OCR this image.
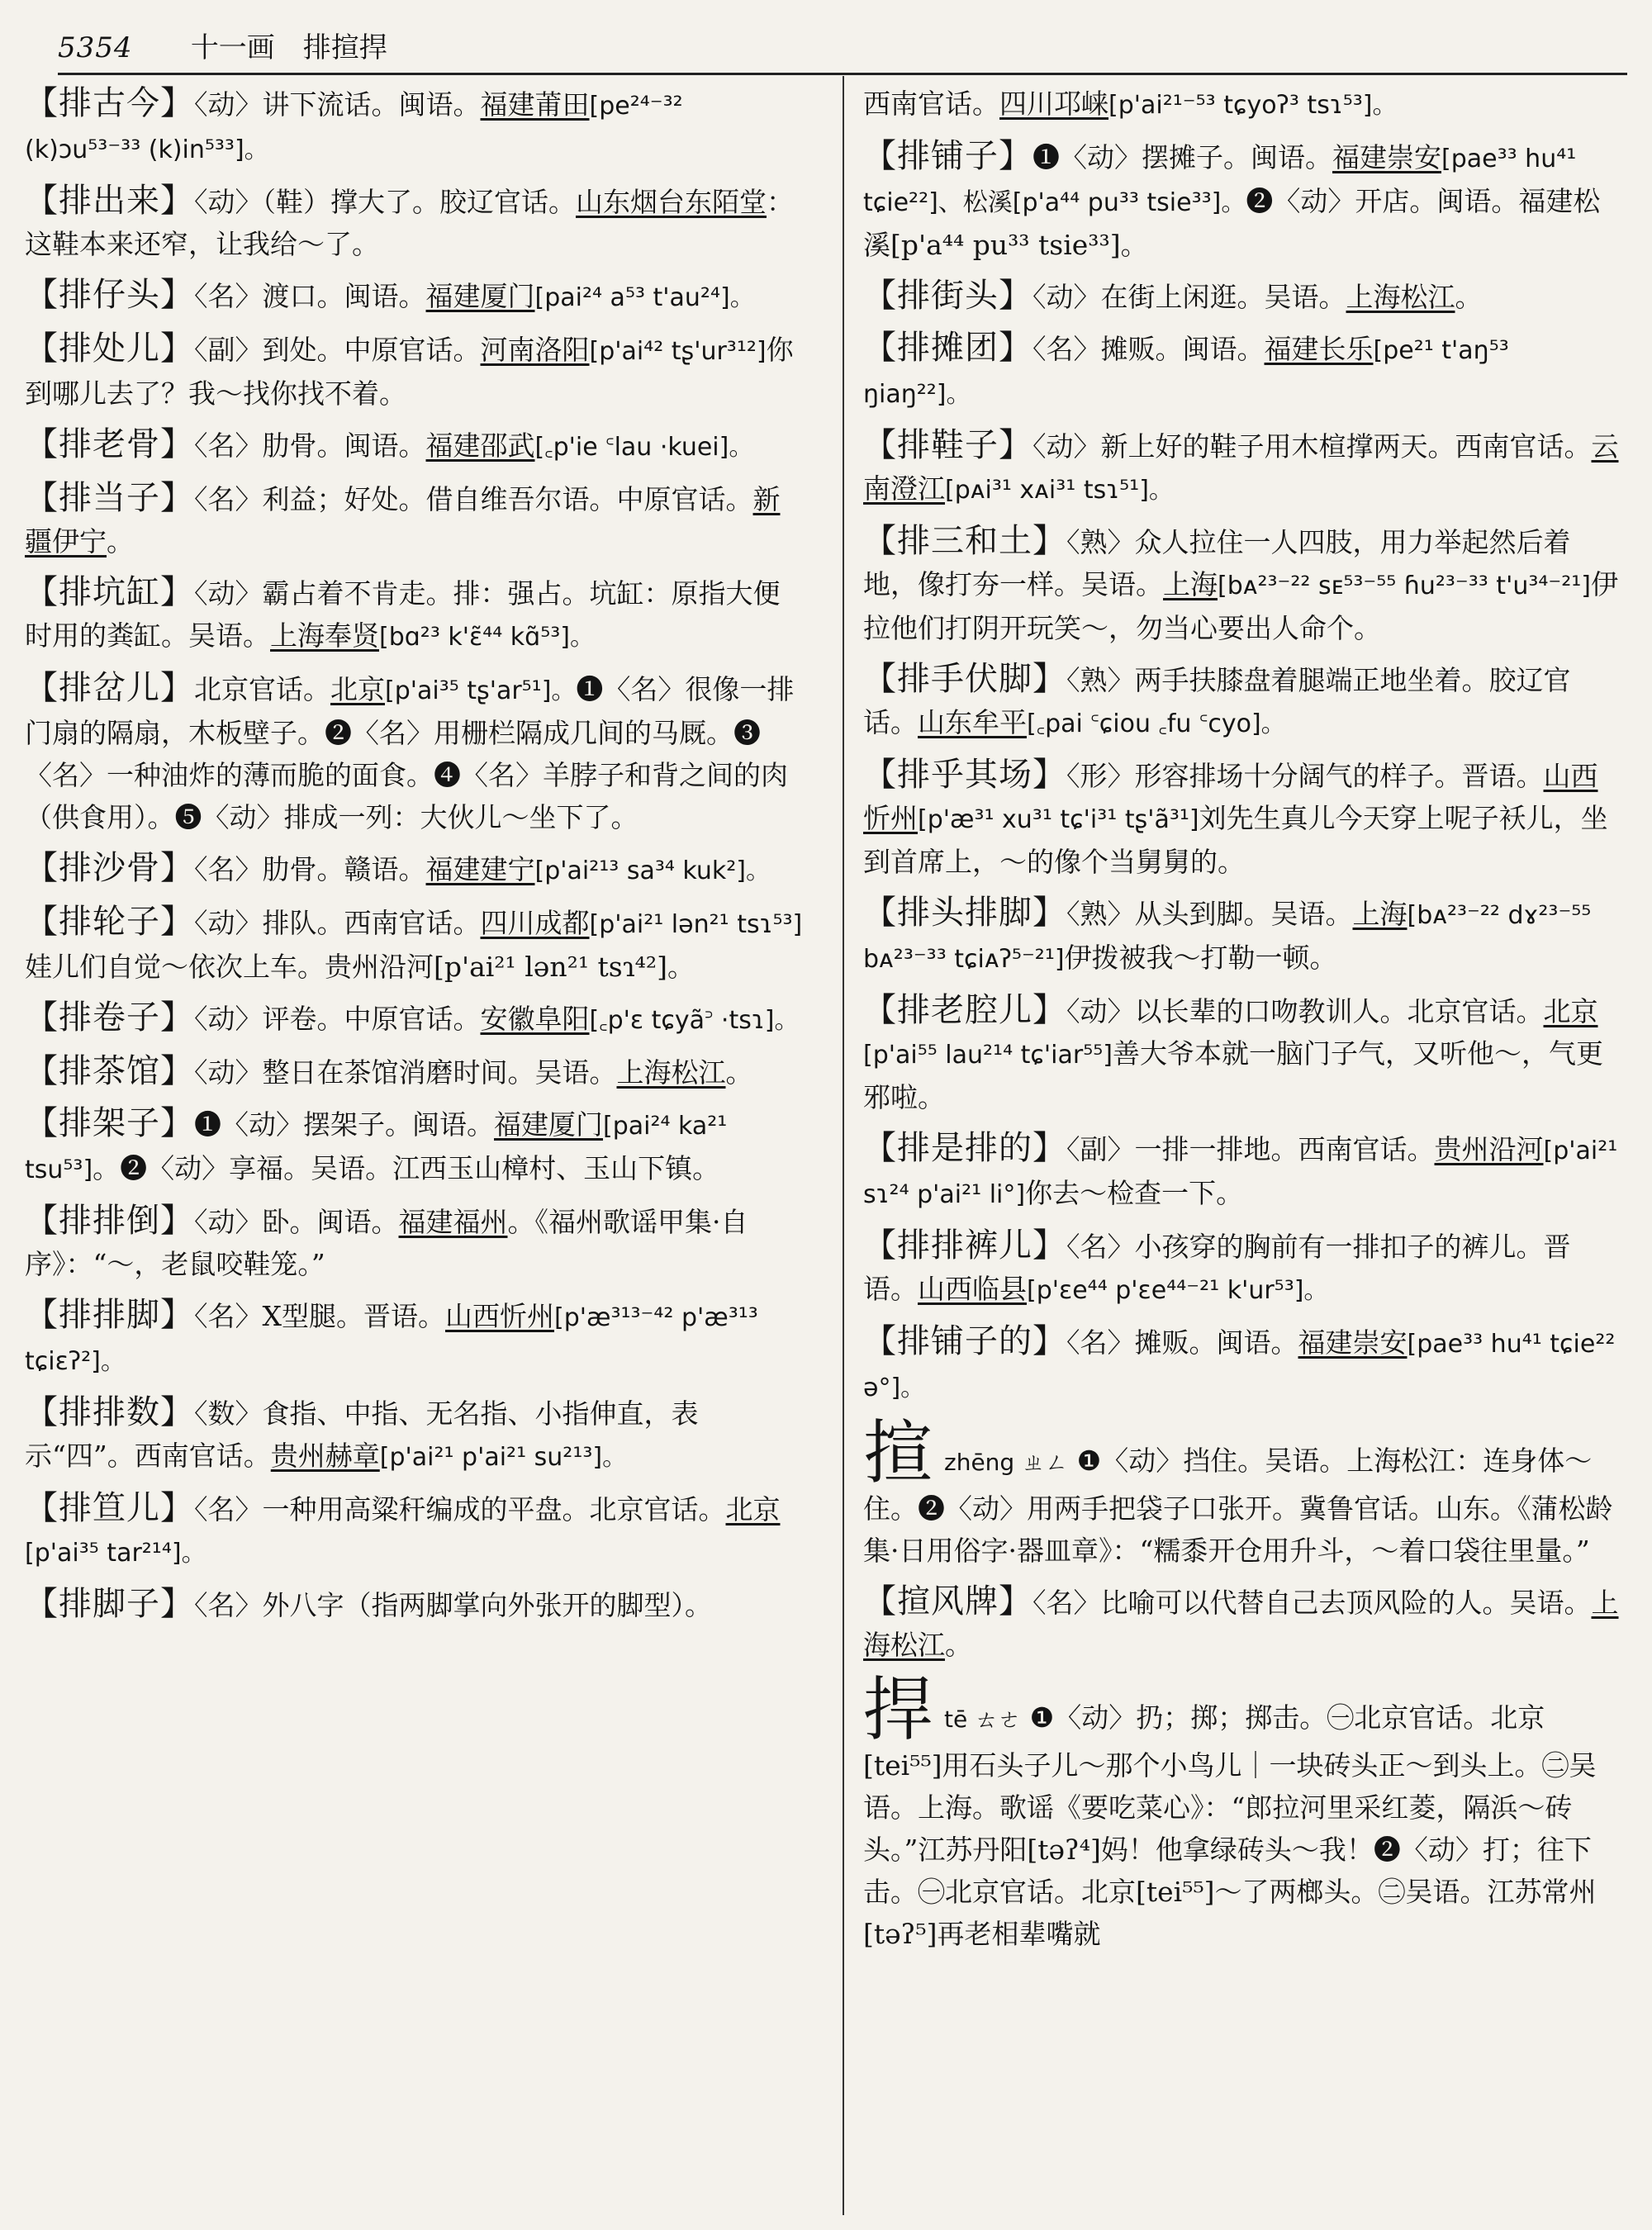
5354 十一画　排揎捍
【排古今】〈动〉讲下流话。闽语。福建莆田[pe²⁴⁻³² (k)ɔu⁵³⁻³³ (k)in⁵³³]。
【排出来】〈动〉（鞋）撑大了。胶辽官话。山东烟台东陌堂：这鞋本来还窄，让我给～了。
【排仔头】〈名〉渡口。闽语。福建厦门[pai²⁴ a⁵³ t'au²⁴]。
【排处儿】〈副〉到处。中原官话。河南洛阳[p'ai⁴² tʂ'ur³¹²]你到哪儿去了？我～找你找不着。
【排老骨】〈名〉肋骨。闽语。福建邵武[꜀p'ie ꜂lau ·kuei]。
【排当子】〈名〉利益；好处。借自维吾尔语。中原官话。新疆伊宁。
【排坑缸】〈动〉霸占着不肯走。排：强占。坑缸：原指大便时用的粪缸。吴语。上海奉贤[bɑ²³ k'ɛ̃⁴⁴ kɑ̃⁵³]。
【排岔儿】北京官话。北京[p'ai³⁵ tʂ'ar⁵¹]。❶〈名〉很像一排门扇的隔扇，木板壁子。❷〈名〉用栅栏隔成几间的马厩。❸〈名〉一种油炸的薄而脆的面食。❹〈名〉羊脖子和背之间的肉（供食用）。❺〈动〉排成一列：大伙儿～坐下了。
【排沙骨】〈名〉肋骨。赣语。福建建宁[p'ai²¹³ sa³⁴ kuk²]。
【排轮子】〈动〉排队。西南官话。四川成都[p'ai²¹ lən²¹ tsɿ⁵³]娃儿们自觉～依次上车。贵州沿河[p'ai²¹ lən²¹ tsɿ⁴²]。
【排卷子】〈动〉评卷。中原官话。安徽阜阳[꜀p'ɛ tɕyã꜄ ·tsɿ]。
【排茶馆】〈动〉整日在茶馆消磨时间。吴语。上海松江。
【排架子】❶〈动〉摆架子。闽语。福建厦门[pai²⁴ ka²¹ tsu⁵³]。❷〈动〉享福。吴语。江西玉山樟村、玉山下镇。
【排排倒】〈动〉卧。闽语。福建福州。《福州歌谣甲集·自序》：“～，老鼠咬鞋笼。”
【排排脚】〈名〉X型腿。晋语。山西忻州[p'æ³¹³⁻⁴² p'æ³¹³ tɕiɛʔ²]。
【排排数】〈数〉食指、中指、无名指、小指伸直，表示“四”。西南官话。贵州赫章[p'ai²¹ p'ai²¹ su²¹³]。
【排笪儿】〈名〉一种用高粱秆编成的平盘。北京官话。北京[p'ai³⁵ tar²¹⁴]。
【排脚子】〈名〉外八字（指两脚掌向外张开的脚型）。
西南官话。四川邛崃[p'ai²¹⁻⁵³ tɕyoʔ³ tsɿ⁵³]。
【排铺子】❶〈动〉摆摊子。闽语。福建崇安[pae³³ hu⁴¹ tɕie²²]、松溪[p'a⁴⁴ pu³³ tsie³³]。❷〈动〉开店。闽语。福建松溪[p'a⁴⁴ pu³³ tsie³³]。
【排街头】〈动〉在街上闲逛。吴语。上海松江。
【排摊团】〈名〉摊贩。闽语。福建长乐[pe²¹ t'aŋ⁵³ ŋiaŋ²²]。
【排鞋子】〈动〉新上好的鞋子用木楦撑两天。西南官话。云南澄江[pᴀi³¹ xᴀi³¹ tsɿ⁵¹]。
【排三和土】〈熟〉众人拉住一人四肢，用力举起然后着地，像打夯一样。吴语。上海[bᴀ²³⁻²² sᴇ⁵³⁻⁵⁵ ɦu²³⁻³³ t'u³⁴⁻²¹]伊拉他们打阴开玩笑～，勿当心要出人命个。
【排手伏脚】〈熟〉两手扶膝盘着腿端正地坐着。胶辽官话。山东牟平[꜀pai ꜂ɕiou ꜀fu ꜂cyo]。
【排乎其场】〈形〉形容排场十分阔气的样子。晋语。山西忻州[p'æ³¹ xu³¹ tɕ'i³¹ tʂ'ã³¹]刘先生真儿今天穿上呢子袄儿，坐到首席上，～的像个当舅舅的。
【排头排脚】〈熟〉从头到脚。吴语。上海[bᴀ²³⁻²² dɤ²³⁻⁵⁵ bᴀ²³⁻³³ tɕiᴀʔ⁵⁻²¹]伊拨被我～打勒一顿。
【排老腔儿】〈动〉以长辈的口吻教训人。北京官话。北京[p'ai⁵⁵ lau²¹⁴ tɕ'iar⁵⁵]善大爷本就一脑门子气，又听他～，气更邪啦。
【排是排的】〈副〉一排一排地。西南官话。贵州沿河[p'ai²¹ sɿ²⁴ p'ai²¹ li°]你去～检查一下。
【排排裤儿】〈名〉小孩穿的胸前有一排扣子的裤儿。晋语。山西临县[p'ɛe⁴⁴ p'ɛe⁴⁴⁻²¹ k'ur⁵³]。
【排铺子的】〈名〉摊贩。闽语。福建崇安[pae³³ hu⁴¹ tɕie²² ə°]。
揎zhēng ㄓㄥ ❶〈动〉挡住。吴语。上海松江：连身体～住。❷〈动〉用两手把袋子口张开。冀鲁官话。山东。《蒲松龄集·日用俗字·器皿章》：“糯黍开仓用升斗，～着口袋往里量。”
【揎风牌】〈名〉比喻可以代替自己去顶风险的人。吴语。上海松江。
捍tē ㄊㄜ ❶〈动〉扔；掷；掷击。㊀北京官话。北京[tei⁵⁵]用石头子儿～那个小鸟儿｜一块砖头正～到头上。㊁吴语。上海。歌谣《要吃菜心》：“郎拉河里采红菱，隔浜～砖头。”江苏丹阳[təʔ⁴]妈！他拿绿砖头～我！❷〈动〉打；往下击。㊀北京官话。北京[tei⁵⁵]～了两榔头。㊁吴语。江苏常州[təʔ⁵]再老相辈嘴就
